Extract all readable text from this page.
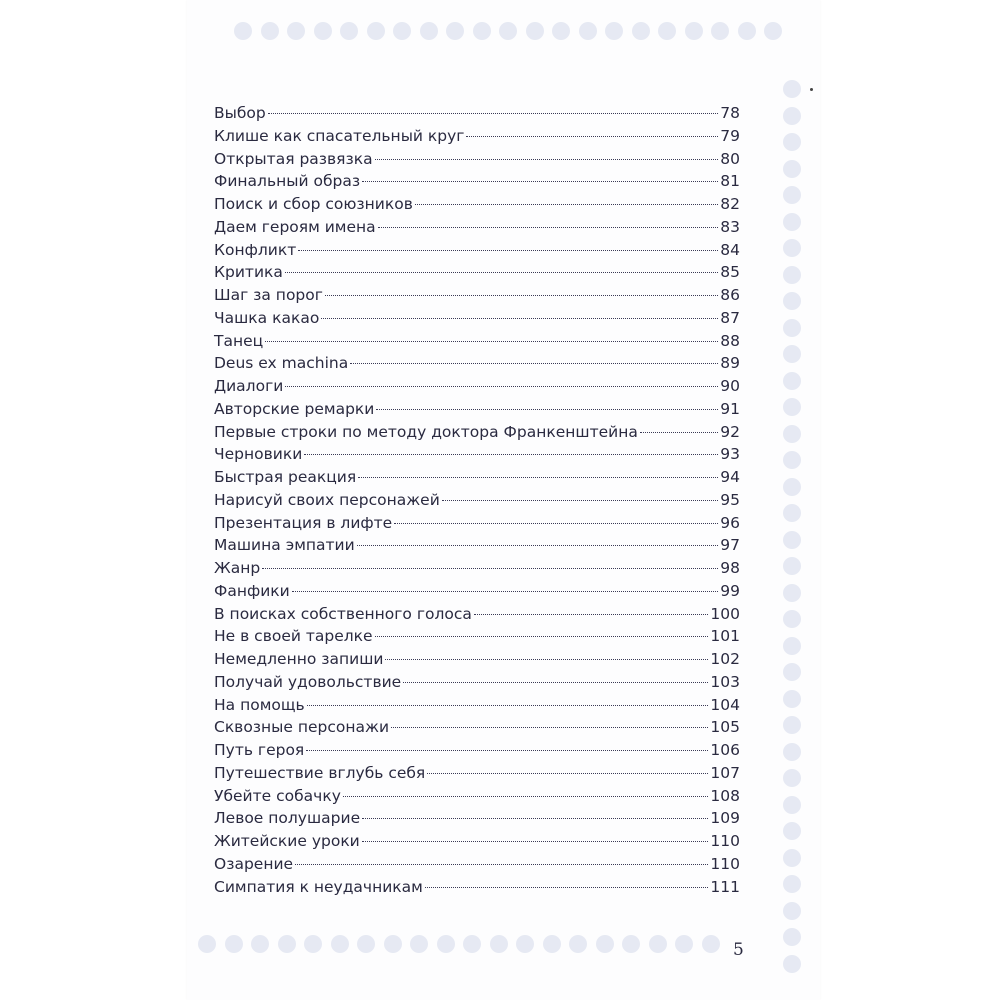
Выбор	78
Клише как спасательный круг	79
Открытая развязка	80
Финальный образ	81
Поиск и сбор союзников	82
Даем героям имена	83
Конфликт	84
Критика	85
Шаг за порог	86
Чашка какао	87
Танец	88
Deus ex machina	89
Диалоги	90
Авторские ремарки	91
Первые строки по методу доктора Франкенштейна	92
Черновики	93
Быстрая реакция	94
Нарисуй своих персонажей	95
Презентация в лифте	96
Машина эмпатии	97
Жанр	98
Фанфики	99
В поисках собственного голоса	100
Не в своей тарелке	101
Немедленно запиши	102
Получай удовольствие	103
На помощь	104
Сквозные персонажи	105
Путь героя	106
Путешествие вглубь себя	107
Убейте собачку	108
Левое полушарие	109
Житейские уроки	110
Озарение	110
Симпатия к неудачникам	111
5
